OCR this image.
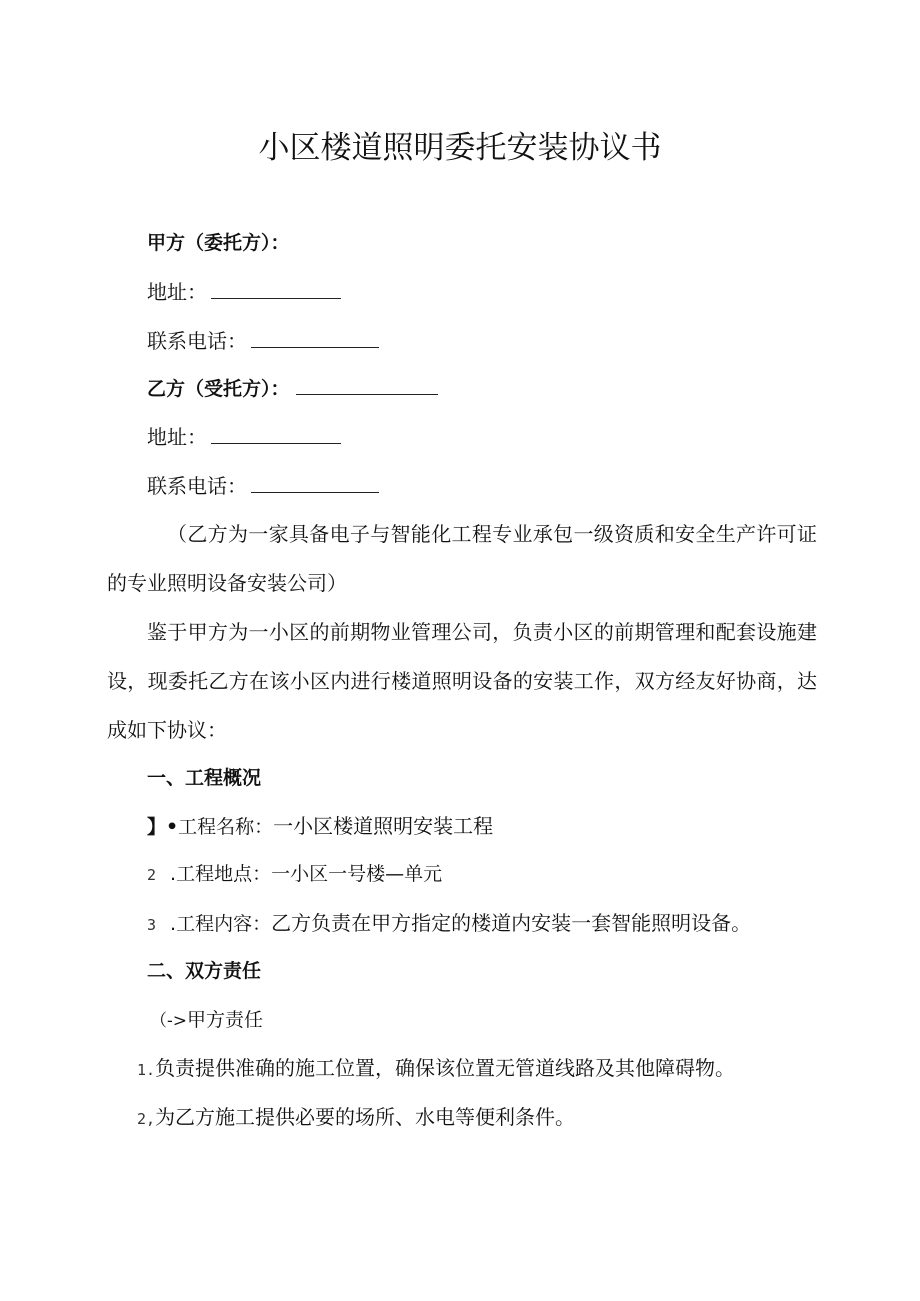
小区楼道照明委托安装协议书
甲方（委托方）：
地址：
联系电话：
乙方（受托方）：
地址：
联系电话：
（乙方为一家具备电子与智能化工程专业承包一级资质和安全生产许可证的专业照明设备安装公司）
鉴于甲方为一小区的前期物业管理公司，负责小区的前期管理和配套设施建设，现委托乙方在该小区内进行楼道照明设备的安装工作，双方经友好协商，达成如下协议：
一、工程概况
】•工程名称：一小区楼道照明安装工程
2 .工程地点：一小区一号楼—单元
3 .工程内容：乙方负责在甲方指定的楼道内安装一套智能照明设备。
二、双方责任
（->甲方责任
1.负责提供准确的施工位置，确保该位置无管道线路及其他障碍物。
2,为乙方施工提供必要的场所、水电等便利条件。
